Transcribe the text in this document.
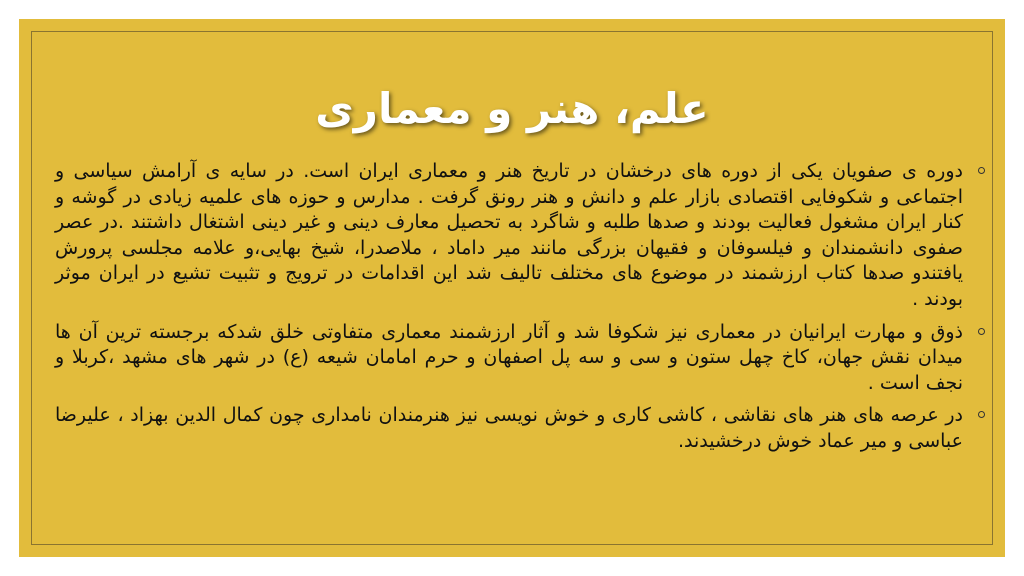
علم، هنر و معماری
دوره ی صفویان یکی از دوره های درخشان در تاریخ هنر و معماری ایران است. در سایه ی آرامش سیاسی و اجتماعی و شکوفایی اقتصادی بازار علم و دانش و هنر رونق گرفت . مدارس و حوزه های علمیه زیادی در گوشه و کنار ایران مشغول فعالیت بودند و صدها طلبه و شاگرد به تحصیل معارف دینی و غیر دینی اشتغال داشتند .در عصر صفوی دانشمندان و فیلسوفان و فقیهان بزرگی مانند میر داماد ، ملاصدرا، شیخ بهایی،و علامه مجلسی پرورش یافتندو صدها کتاب ارزشمند در موضوع های مختلف تالیف شد این اقدامات در ترویج و تثبیت تشیع در ایران موثر بودند .
ذوق و مهارت ایرانیان در معماری نیز شکوفا شد و آثار ارزشمند معماری متفاوتی خلق شدکه برجسته ترین آن ها میدان نقش جهان، کاخ چهل ستون و سی و سه پل اصفهان و حرم امامان شیعه (ع) در شهر های مشهد ،کربلا و نجف است .
در عرصه های هنر های نقاشی ، کاشی کاری و خوش نویسی نیز هنرمندان نامداری چون کمال الدین بهزاد ، علیرضا عباسی و میر عماد خوش درخشیدند.
